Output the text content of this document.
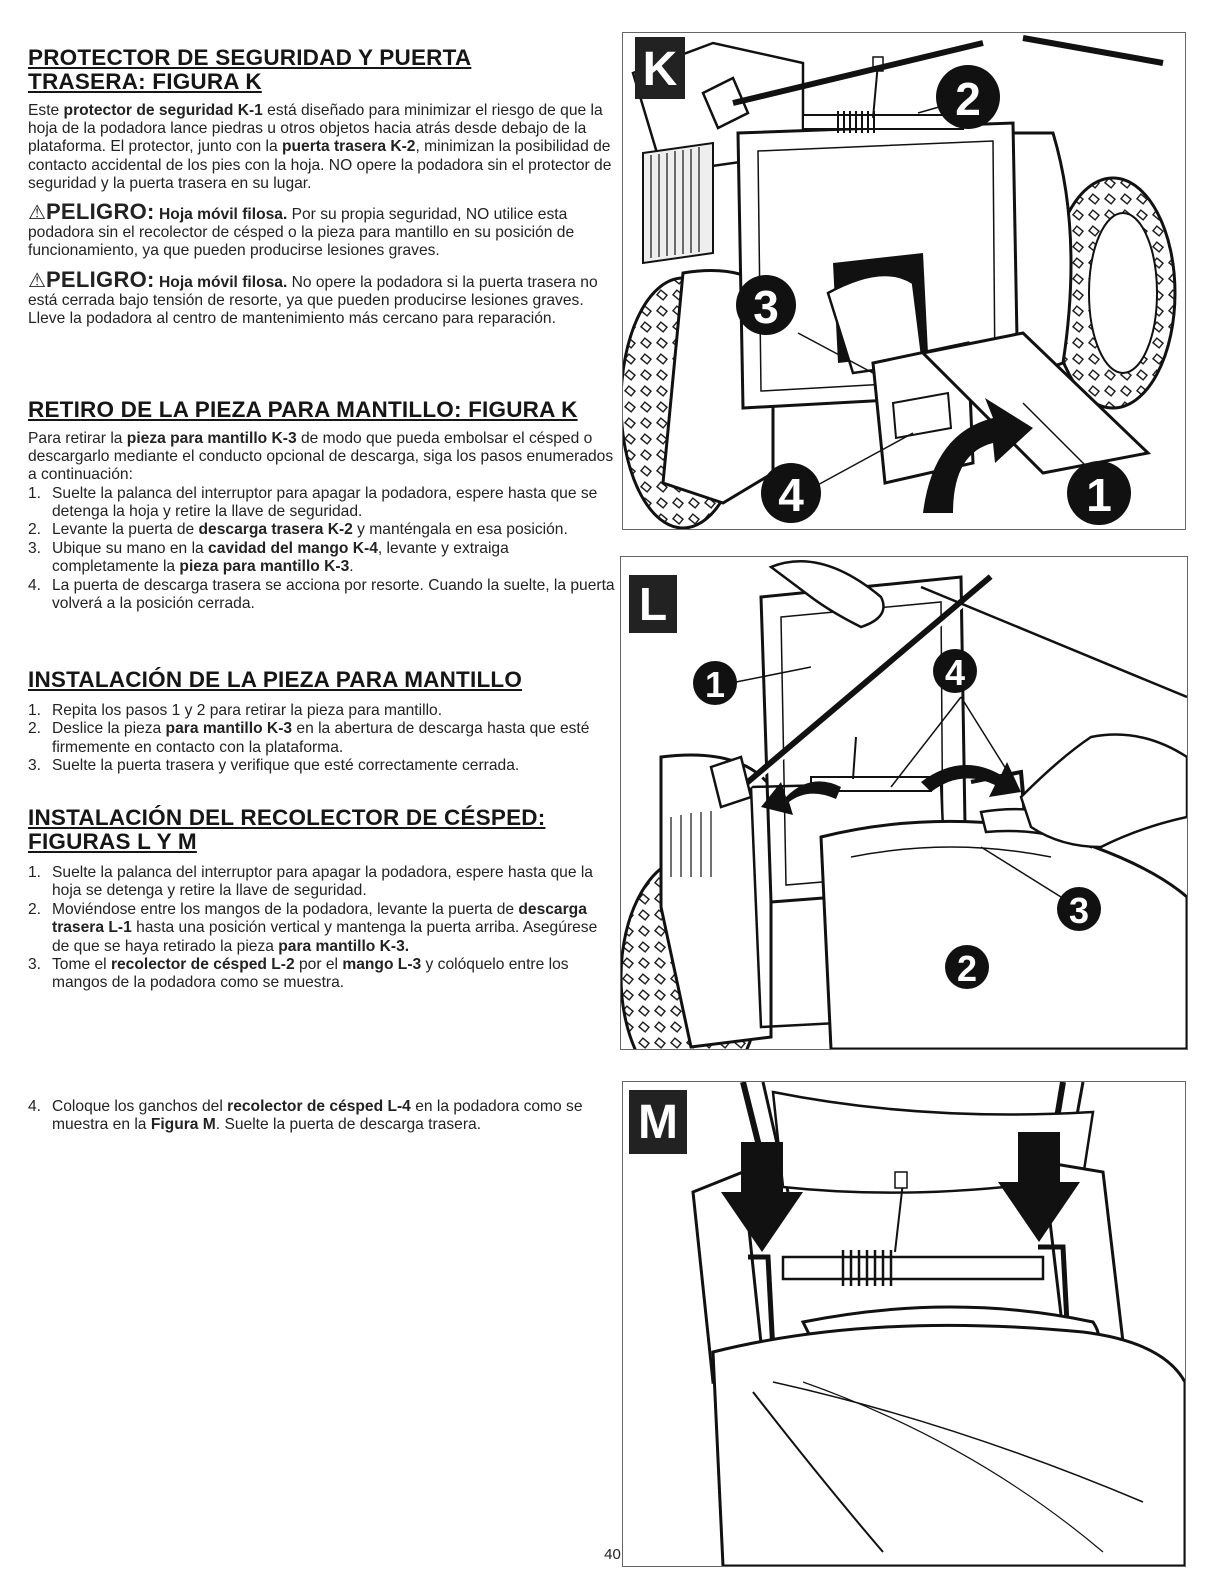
PROTECTOR DE SEGURIDAD Y PUERTA
TRASERA: FIGURA K

Este protector de seguridad K-1 está diseñado para minimizar el riesgo de que la hoja de la podadora lance piedras u otros objetos hacia atrás desde debajo de la plataforma. El protector, junto con la puerta trasera K-2, minimizan la posibilidad de contacto accidental de los pies con la hoja. NO opere la podadora sin el protector de seguridad y la puerta trasera en su lugar.

⚠PELIGRO: Hoja móvil filosa. Por su propia seguridad, NO utilice esta podadora sin el recolector de césped o la pieza para mantillo en su posición de funcionamiento, ya que pueden producirse lesiones graves.

⚠PELIGRO: Hoja móvil filosa. No opere la podadora si la puerta trasera no está cerrada bajo tensión de resorte, ya que pueden producirse lesiones graves. Lleve la podadora al centro de mantenimiento más cercano para reparación.

RETIRO DE LA PIEZA PARA MANTILLO: FIGURA K

Para retirar la pieza para mantillo K-3 de modo que pueda embolsar el césped o descargarlo mediante el conducto opcional de descarga, siga los pasos enumerados a continuación:

1. Suelte la palanca del interruptor para apagar la podadora, espere hasta que se detenga la hoja y retire la llave de seguridad.
2. Levante la puerta de descarga trasera K-2 y manténgala en esa posición.
3. Ubique su mano en la cavidad del mango K-4, levante y extraiga completamente la pieza para mantillo K-3.
4. La puerta de descarga trasera se acciona por resorte. Cuando la suelte, la puerta volverá a la posición cerrada.
INSTALACIÓN DE LA PIEZA PARA MANTILLO
1. Repita los pasos 1 y 2 para retirar la pieza para mantillo.
2. Deslice la pieza para mantillo K-3 en la abertura de descarga hasta que esté firmemente en contacto con la plataforma.
3. Suelte la puerta trasera y verifique que esté correctamente cerrada.
INSTALACIÓN DEL RECOLECTOR DE CÉSPED:
FIGURAS L Y M
1. Suelte la palanca del interruptor para apagar la podadora, espere hasta que la hoja se detenga y retire la llave de seguridad.
2. Moviéndose entre los mangos de la podadora, levante la puerta de descarga trasera L-1 hasta una posición vertical y mantenga la puerta arriba. Asegúrese de que se haya retirado la pieza para mantillo K-3.
3. Tome el recolector de césped L-2 por el mango L-3 y colóquelo entre los mangos de la podadora como se muestra.
4. Coloque los ganchos del recolector de césped L-4 en la podadora como se muestra en la Figura M. Suelte la puerta de descarga trasera.
K
1
2
3
4
L
1
2
3
4
M
40
